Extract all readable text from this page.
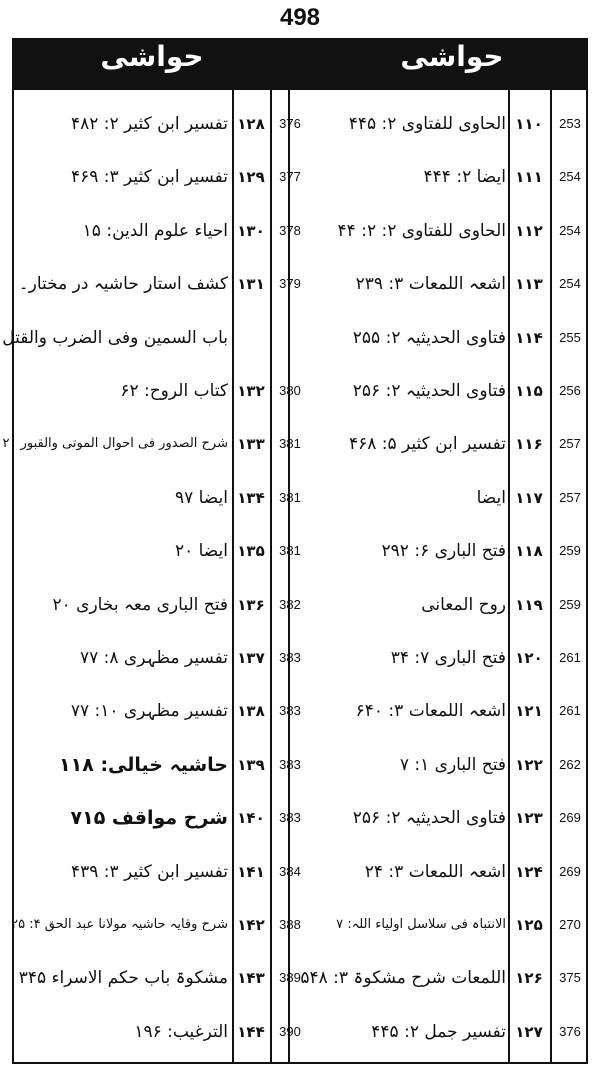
498
حواشی	حواشی
253
۱۱۰
الحاوی للفتاوی ۲: ۴۴۵
254
۱۱۱
ایضا ۲: ۴۴۴
254
۱۱۲
الحاوی للفتاوی ۲: ۲: ۴۴
254
۱۱۳
اشعہ اللمعات ۳: ۲۳۹
255
۱۱۴
فتاوی الحدیثیہ ۲: ۲۵۵
256
۱۱۵
فتاوی الحدیثیہ ۲: ۲۵۶
257
۱۱۶
تفسیر ابن کثیر ۵: ۴۶۸
257
۱۱۷
ایضا
259
۱۱۸
فتح الباری ۶: ۲۹۲
259
۱۱۹
روح المعانی
261
۱۲۰
فتح الباری ۷: ۳۴
261
۱۲۱
اشعہ اللمعات ۳: ۶۴۰
262
۱۲۲
فتح الباری ۱: ۷
269
۱۲۳
فتاوی الحدیثیہ ۲: ۲۵۶
269
۱۲۴
اشعہ اللمعات ۳: ۲۴
270
۱۲۵
الانتباہ فی سلاسل اولیاء اللہ: ۷
375
۱۲۶
اللمعات شرح مشکوۃ ۳: ۵۴۸
376
۱۲۷
تفسیر جمل ۲: ۴۴۵
376
۱۲۸
تفسیر ابن کثیر ۲: ۴۸۲
377
۱۲۹
تفسیر ابن کثیر ۳: ۴۶۹
378
۱۳۰
احیاء علوم الدین: ۱۵
379
۱۳۱
کشف استار حاشیہ در مختار۔
باب السمین وفی الضرب والقتل
380
۱۳۲
کتاب الروح: ۶۲
381
۱۳۳
شرح الصدور فی احوال الموتی والقبور ۲۰
381
۱۳۴
ایضا ۹۷
381
۱۳۵
ایضا ۲۰
382
۱۳۶
فتح الباری معہ بخاری ۲۰
383
۱۳۷
تفسیر مظہری ۸: ۷۷
383
۱۳۸
تفسیر مظہری ۱۰: ۷۷
383
۱۳۹
حاشیہ خیالی: ۱۱۸
383
۱۴۰
شرح مواقف ۷۱۵
384
۱۴۱
تفسیر ابن کثیر ۳: ۴۳۹
388
۱۴۲
شرح وقایہ حاشیہ مولانا عبد الحق ۴: ۲۵
389
۱۴۳
مشکوۃ باب حکم الاسراء ۳۴۵
390
۱۴۴
الترغیب: ۱۹۶
